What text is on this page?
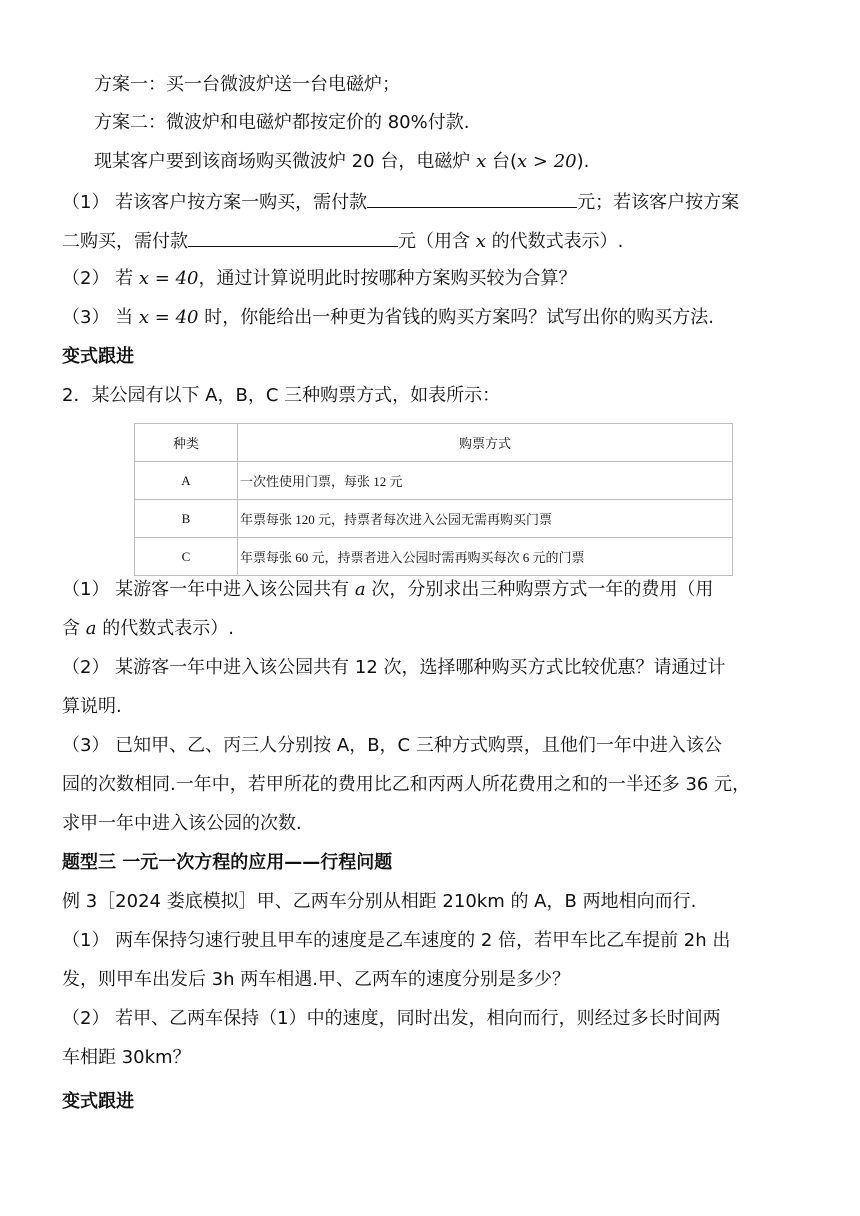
方案一：买一台微波炉送一台电磁炉；
方案二：微波炉和电磁炉都按定价的 80%付款.
现某客户要到该商场购买微波炉 20 台，电磁炉 x 台(x > 20).
（1） 若该客户按方案一购买，需付款	元；若该客户按方案
二购买，需付款	元（用含 x 的代数式表示）.
（2） 若 x = 40，通过计算说明此时按哪种方案购买较为合算？
（3） 当 x = 40 时，你能给出一种更为省钱的购买方案吗？试写出你的购买方法.
变式跟进
2．某公园有以下 A，B，C 三种购票方式，如表所示：
种类	购票方式
A	一次性使用门票，每张 12 元
B	年票每张 120 元，持票者每次进入公园无需再购买门票
C	年票每张 60 元，持票者进入公园时需再购买每次 6 元的门票
（1） 某游客一年中进入该公园共有 a 次，分别求出三种购票方式一年的费用（用
含 a 的代数式表示）.
（2） 某游客一年中进入该公园共有 12 次，选择哪种购买方式比较优惠？请通过计
算说明.
（3） 已知甲、乙、丙三人分别按 A，B，C 三种方式购票，且他们一年中进入该公
园的次数相同.一年中，若甲所花的费用比乙和丙两人所花费用之和的一半还多 36 元，
求甲一年中进入该公园的次数.
题型三 一元一次方程的应用——行程问题
例 3［2024 娄底模拟］甲、乙两车分别从相距 210km 的 A，B 两地相向而行.
（1） 两车保持匀速行驶且甲车的速度是乙车速度的 2 倍，若甲车比乙车提前 2h 出
发，则甲车出发后 3h 两车相遇.甲、乙两车的速度分别是多少？
（2） 若甲、乙两车保持（1）中的速度，同时出发，相向而行，则经过多长时间两
车相距 30km？
变式跟进
